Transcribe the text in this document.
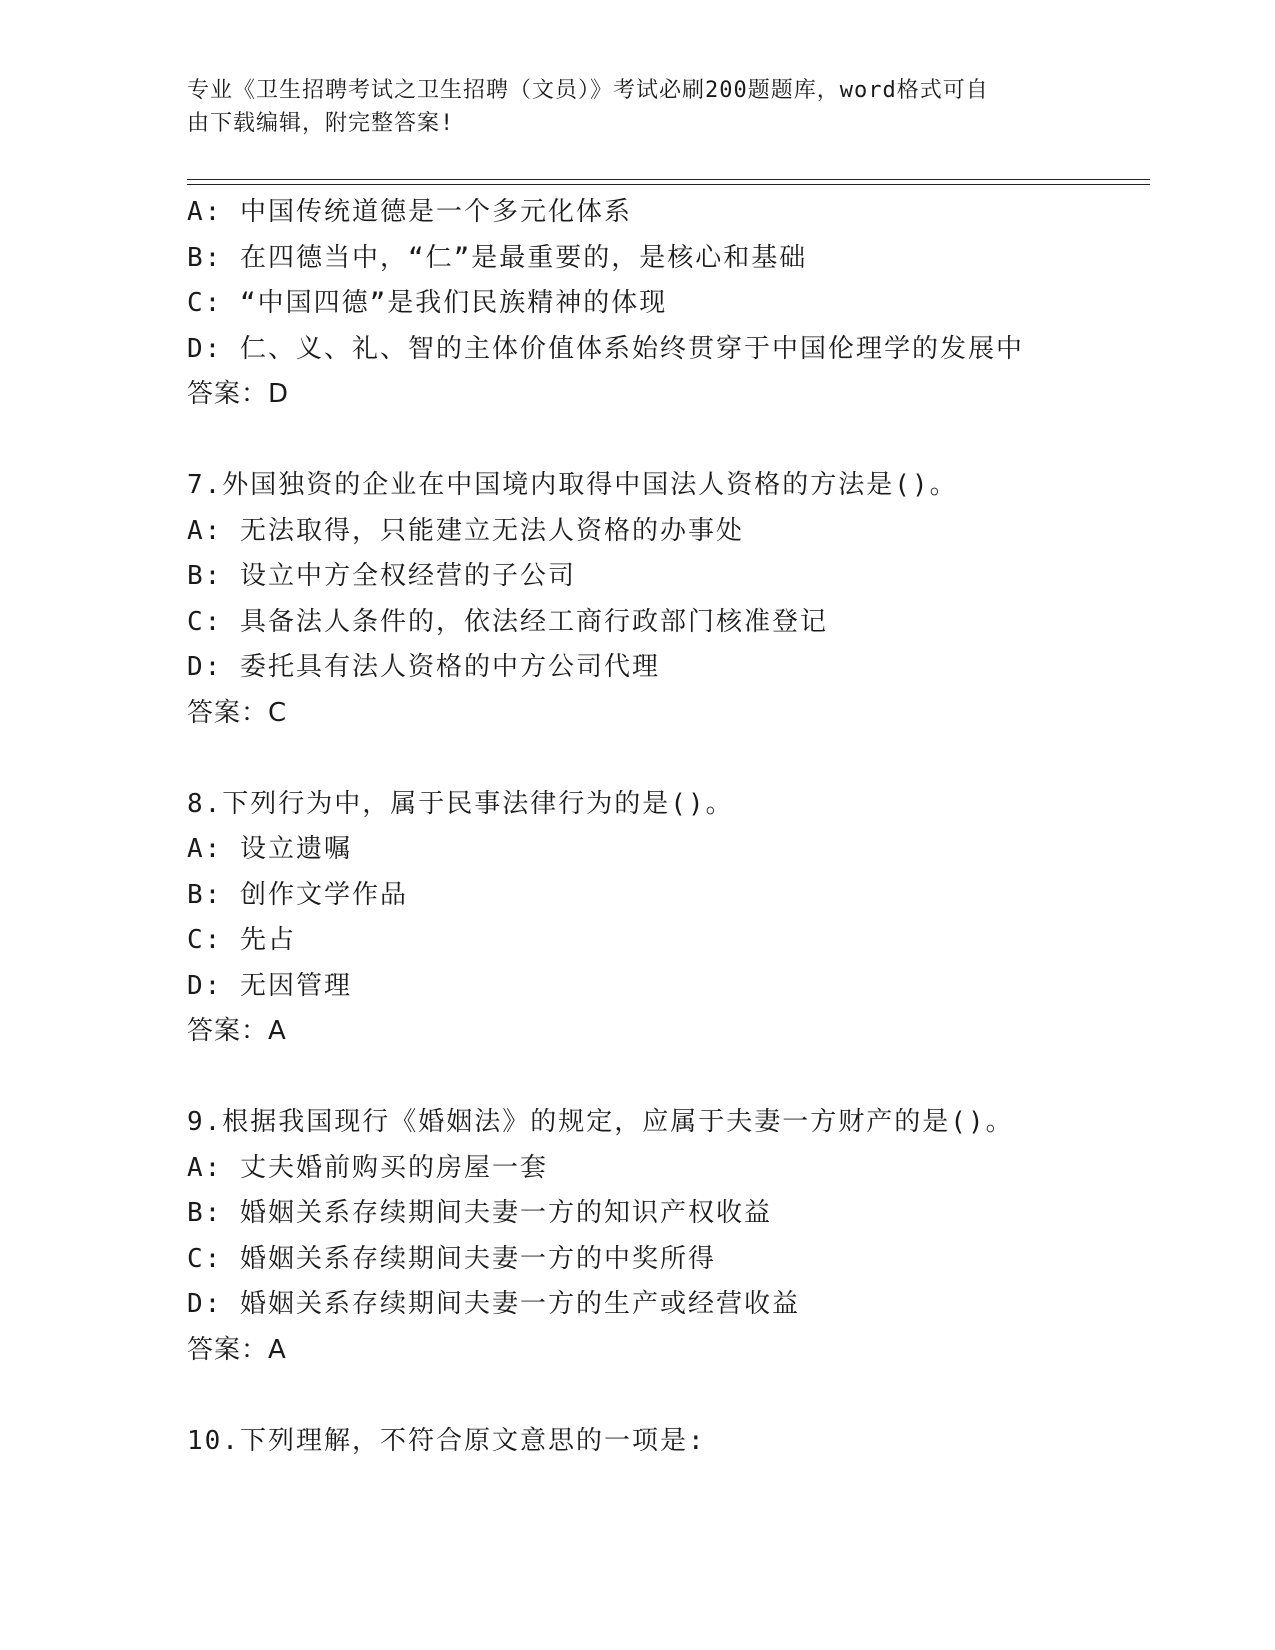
专业《卫生招聘考试之卫生招聘（文员）》考试必刷200题题库，word格式可自
由下载编辑，附完整答案!
A: 中国传统道德是一个多元化体系
B: 在四德当中，“仁”是最重要的，是核心和基础
C: “中国四德”是我们民族精神的体现
D: 仁、义、礼、智的主体价值体系始终贯穿于中国伦理学的发展中
答案：D
7.外国独资的企业在中国境内取得中国法人资格的方法是()。
A: 无法取得，只能建立无法人资格的办事处
B: 设立中方全权经营的子公司
C: 具备法人条件的，依法经工商行政部门核准登记
D: 委托具有法人资格的中方公司代理
答案：C
8.下列行为中，属于民事法律行为的是()。
A: 设立遗嘱
B: 创作文学作品
C: 先占
D: 无因管理
答案：A
9.根据我国现行《婚姻法》的规定，应属于夫妻一方财产的是()。
A: 丈夫婚前购买的房屋一套
B: 婚姻关系存续期间夫妻一方的知识产权收益
C: 婚姻关系存续期间夫妻一方的中奖所得
D: 婚姻关系存续期间夫妻一方的生产或经营收益
答案：A
10.下列理解，不符合原文意思的一项是:
